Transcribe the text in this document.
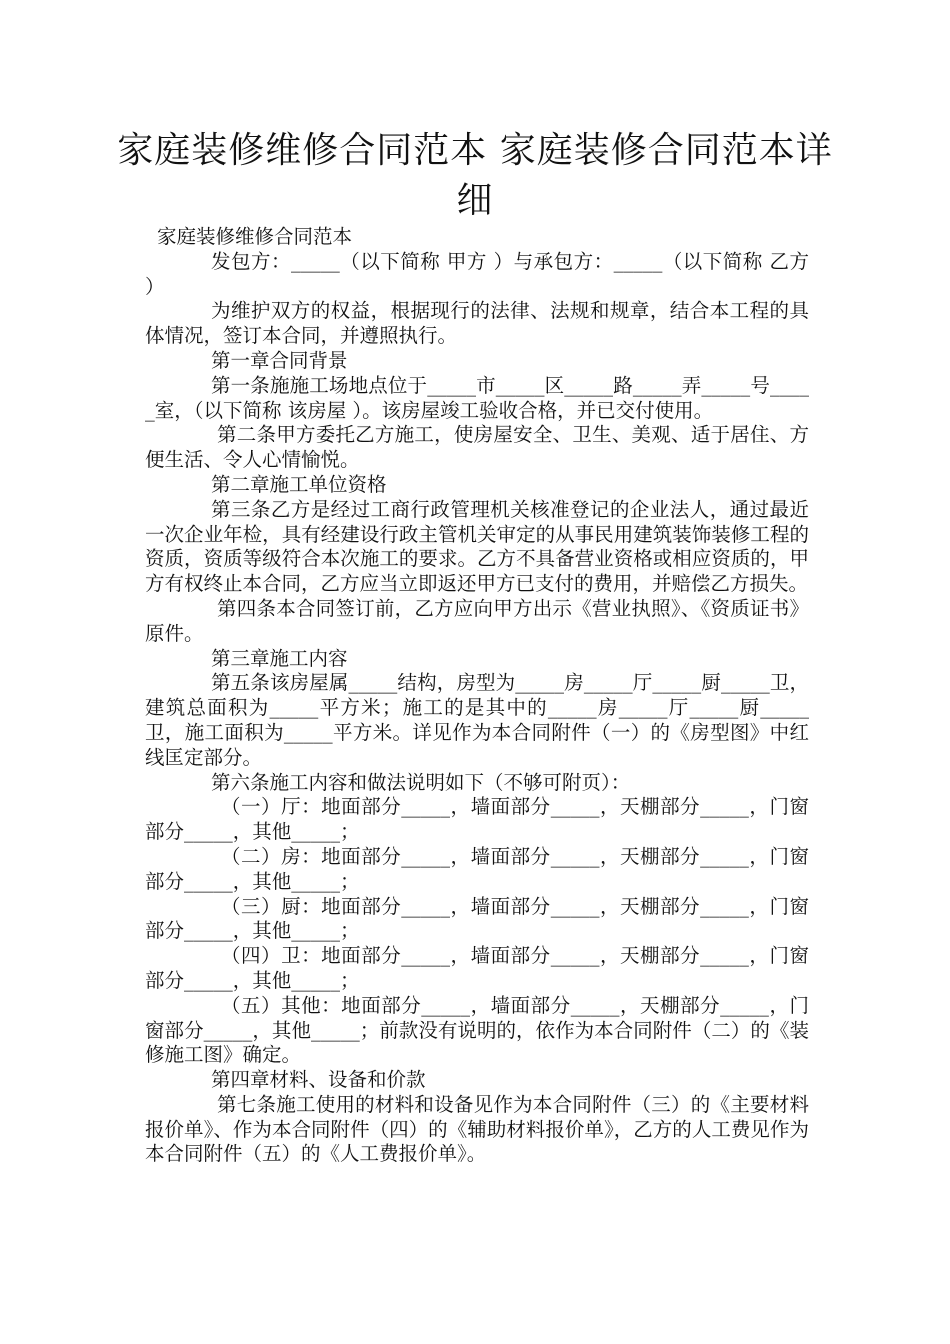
家庭装修维修合同范本 家庭装修合同范本详细

家庭装修维修合同范本

发包方：_____（以下简称 甲方 ）与承包方：_____（以下简称 乙方 ）

为维护双方的权益，根据现行的法律、法规和规章，结合本工程的具体情况，签订本合同，并遵照执行。

第一章合同背景

第一条施施工场地点位于_____市_____区_____路_____弄_____号_____室，（以下简称 该房屋 ）。该房屋竣工验收合格，并已交付使用。

第二条甲方委托乙方施工，使房屋安全、卫生、美观、适于居住、方便生活、令人心情愉悦。

第二章施工单位资格

第三条乙方是经过工商行政管理机关核准登记的企业法人，通过最近一次企业年检，具有经建设行政主管机关审定的从事民用建筑装饰装修工程的资质，资质等级符合本次施工的要求。乙方不具备营业资格或相应资质的，甲方有权终止本合同，乙方应当立即返还甲方已支付的费用，并赔偿乙方损失。

第四条本合同签订前，乙方应向甲方出示《营业执照》、《资质证书》原件。

第三章施工内容

第五条该房屋属_____结构，房型为_____房_____厅_____厨_____卫，建筑总面积为_____平方米；施工的是其中的_____房_____厅_____厨_____卫，施工面积为_____平方米。详见作为本合同附件（一）的《房型图》中红线匡定部分。

第六条施工内容和做法说明如下（不够可附页）：

（一）厅：地面部分_____，墙面部分_____，天棚部分_____，门窗部分_____，其他_____；

（二）房：地面部分_____，墙面部分_____，天棚部分_____，门窗部分_____，其他_____；

（三）厨：地面部分_____，墙面部分_____，天棚部分_____，门窗部分_____，其他_____；

（四）卫：地面部分_____，墙面部分_____，天棚部分_____，门窗部分_____，其他_____；

（五）其他：地面部分_____，墙面部分_____，天棚部分_____，门窗部分_____，其他_____；前款没有说明的，依作为本合同附件（二）的《装修施工图》确定。

第四章材料、设备和价款

第七条施工使用的材料和设备见作为本合同附件（三）的《主要材料报价单》、作为本合同附件（四）的《辅助材料报价单》，乙方的人工费见作为本合同附件（五）的《人工费报价单》。
